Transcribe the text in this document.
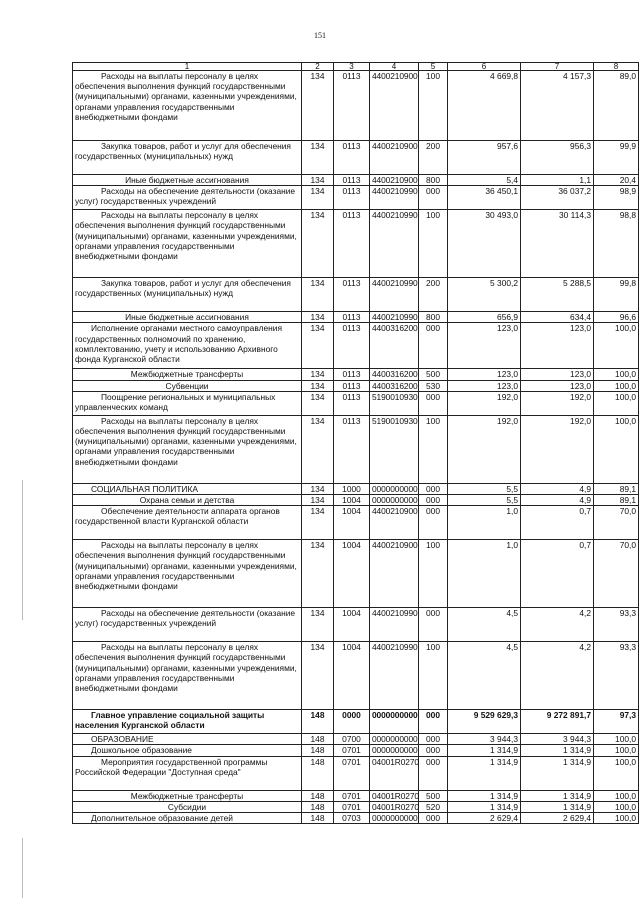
151
1	2	3	4	5	6	7	8
Расходы на выплаты персоналу в целях обеспечения выполнения функций государственными (муниципальными) органами, казенными учреждениями, органами управления государственными внебюджетными фондами	134	0113	4400210900	100	4 669,8	4 157,3	89,0
Закупка товаров, работ и услуг для обеспечения государственных (муниципальных) нужд	134	0113	4400210900	200	957,6	956,3	99,9
Иные бюджетные ассигнования	134	0113	4400210900	800	5,4	1,1	20,4
Расходы на обеспечение деятельности (оказание услуг) государственных учреждений	134	0113	4400210990	000	36 450,1	36 037,2	98,9
Расходы на выплаты персоналу в целях обеспечения выполнения функций государственными (муниципальными) органами, казенными учреждениями, органами управления государственными внебюджетными фондами	134	0113	4400210990	100	30 493,0	30 114,3	98,8
Закупка товаров, работ и услуг для обеспечения государственных (муниципальных) нужд	134	0113	4400210990	200	5 300,2	5 288,5	99,8
Иные бюджетные ассигнования	134	0113	4400210990	800	656,9	634,4	96,6
Исполнение органами местного самоуправления государственных полномочий по хранению, комплектованию, учету и использованию Архивного фонда Курганской области	134	0113	4400316200	000	123,0	123,0	100,0
Межбюджетные трансферты	134	0113	4400316200	500	123,0	123,0	100,0
Субвенции	134	0113	4400316200	530	123,0	123,0	100,0
Поощрение региональных и муниципальных управленческих команд	134	0113	5190010930	000	192,0	192,0	100,0
Расходы на выплаты персоналу в целях обеспечения выполнения функций государственными (муниципальными) органами, казенными учреждениями, органами управления государственными внебюджетными фондами	134	0113	5190010930	100	192,0	192,0	100,0
СОЦИАЛЬНАЯ ПОЛИТИКА	134	1000	0000000000	000	5,5	4,9	89,1
Охрана семьи и детства	134	1004	0000000000	000	5,5	4,9	89,1
Обеспечение деятельности аппарата органов государственной власти Курганской области	134	1004	4400210900	000	1,0	0,7	70,0
Расходы на выплаты персоналу в целях обеспечения выполнения функций государственными (муниципальными) органами, казенными учреждениями, органами управления государственными внебюджетными фондами	134	1004	4400210900	100	1,0	0,7	70,0
Расходы на обеспечение деятельности (оказание услуг) государственных учреждений	134	1004	4400210990	000	4,5	4,2	93,3
Расходы на выплаты персоналу в целях обеспечения выполнения функций государственными (муниципальными) органами, казенными учреждениями, органами управления государственными внебюджетными фондами	134	1004	4400210990	100	4,5	4,2	93,3
Главное управление социальной защиты населения Курганской области	148	0000	0000000000	000	9 529 629,3	9 272 891,7	97,3
ОБРАЗОВАНИЕ	148	0700	0000000000	000	3 944,3	3 944,3	100,0
Дошкольное образование	148	0701	0000000000	000	1 314,9	1 314,9	100,0
Мероприятия государственной программы Российской Федерации "Доступная среда"	148	0701	04001R0270	000	1 314,9	1 314,9	100,0
Межбюджетные трансферты	148	0701	04001R0270	500	1 314,9	1 314,9	100,0
Субсидии	148	0701	04001R0270	520	1 314,9	1 314,9	100,0
Дополнительное образование детей	148	0703	0000000000	000	2 629,4	2 629,4	100,0
